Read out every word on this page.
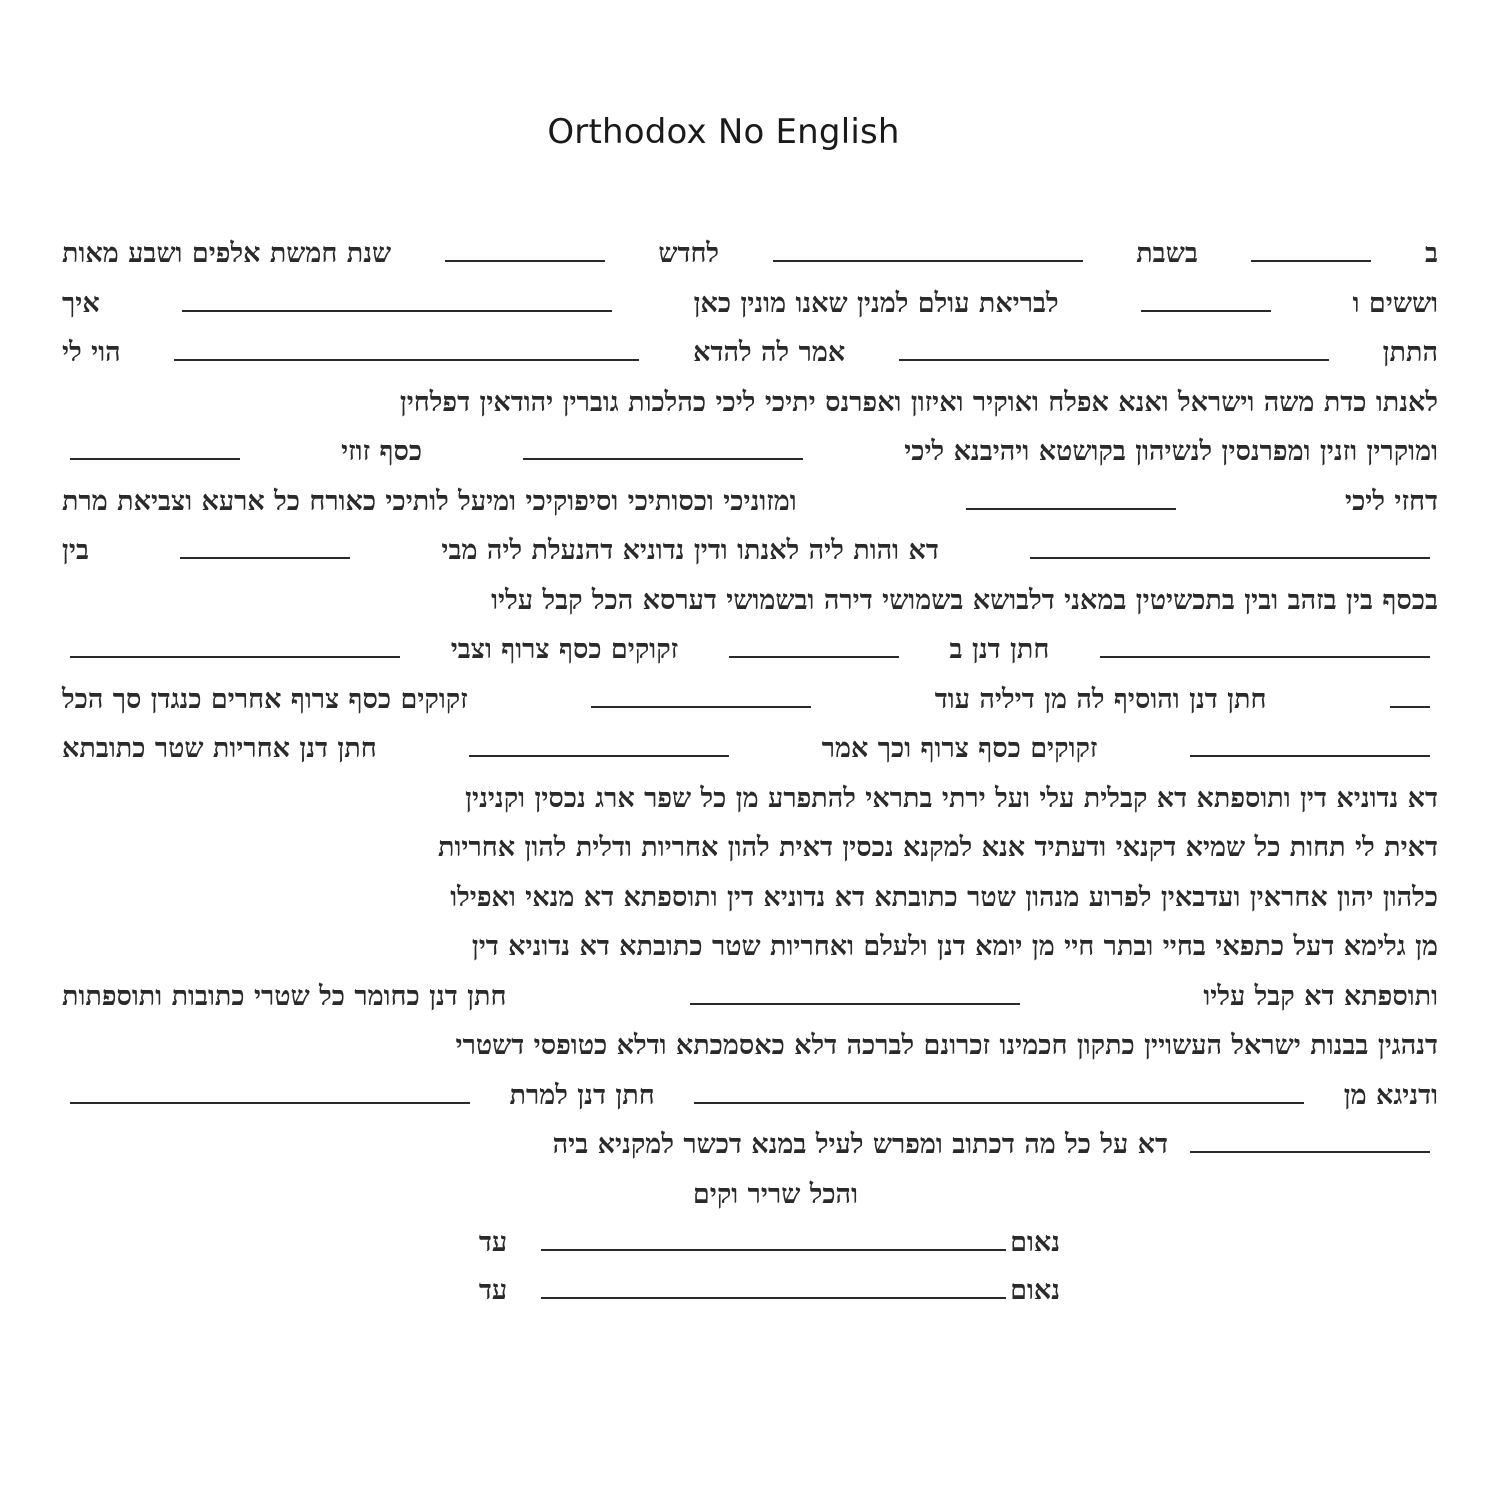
Orthodox No English
ב
בשבת
לחדש
שנת חמשת אלפים ושבע מאות
וששים ו
לבריאת עולם למנין שאנו מונין כאן
איך
התתן
אמר לה להדא
הוי לי
לאנתו כדת משה וישראל ואנא אפלח ואוקיר ואיזון ואפרנס יתיכי ליכי כהלכות גוברין יהודאין דפלחין
ומוקרין וזנין ומפרנסין לנשיהון בקושטא ויהיבנא ליכי
כסף זוזי
דחזי ליכי
ומזוניכי וכסותיכי וסיפוקיכי ומיעל לותיכי כאורח כל ארעא וצביאת מרת
דא והות ליה לאנתו ודין נדוניא דהנעלת ליה מבי
בין
בכסף בין בזהב ובין בתכשיטין במאני דלבושא בשמושי דירה ובשמושי דערסא הכל קבל עליו
חתן דנן ב
זקוקים כסף צרוף וצבי
חתן דנן והוסיף לה מן דיליה עוד
זקוקים כסף צרוף אחרים כנגדן סך הכל
זקוקים כסף צרוף וכך אמר
חתן דנן אחריות שטר כתובתא
דא נדוניא דין ותוספתא דא קבלית עלי ועל ירתי בתראי להתפרע מן כל שפר ארג נכסין וקנינין
דאית לי תחות כל שמיא דקנאי ודעתיד אנא למקנא נכסין דאית להון אחריות ודלית להון אחריות
כלהון יהון אחראין ועדבאין לפרוע מנהון שטר כתובתא דא נדוניא דין ותוספתא דא מנאי ואפילו
מן גלימא דעל כתפאי בחיי ובתר חיי מן יומא דנן ולעלם ואחריות שטר כתובתא דא נדוניא דין
ותוספתא דא קבל עליו
חתן דנן כחומר כל שטרי כתובות ותוספתות
דנהגין בבנות ישראל העשויין כתקון חכמינו זכרונם לברכה דלא כאסמכתא ודלא כטופסי דשטרי
ודניגא מן
חתן דנן למרת
דא על כל מה דכתוב ומפרש לעיל במנא דכשר למקניא ביה
והכל שריר וקים
נאום
עד
נאום
עד
